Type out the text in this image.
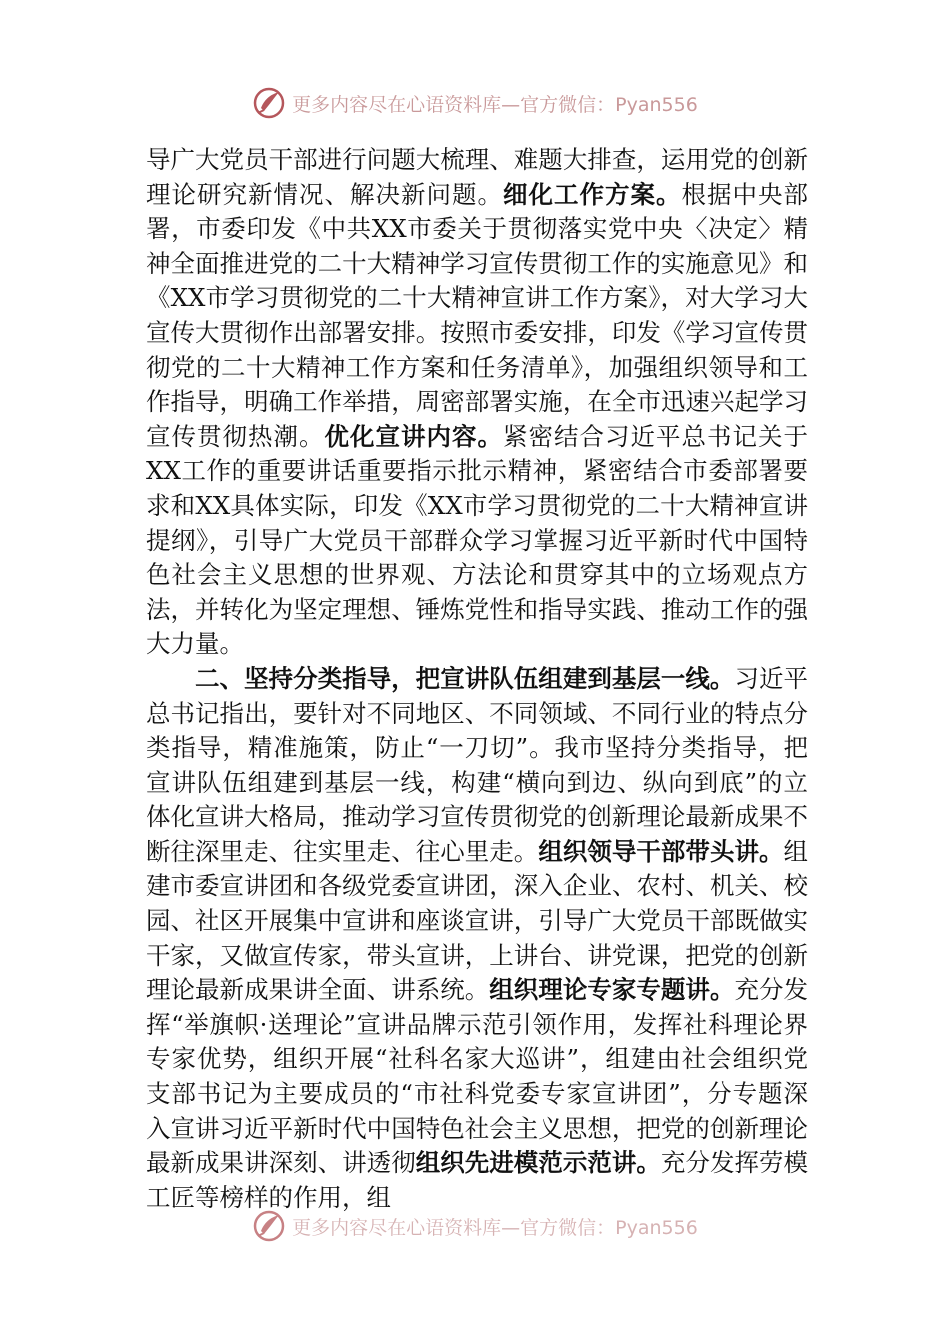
更多内容尽在心语资料库—官方微信：Pyan556

导广大党员干部进行问题大梳理、难题大排查，运用党的创新理论研究新情况、解决新问题。细化工作方案。根据中央部署，市委印发《中共XX市委关于贯彻落实党中央〈决定〉精神全面推进党的二十大精神学习宣传贯彻工作的实施意见》和《XX市学习贯彻党的二十大精神宣讲工作方案》，对大学习大宣传大贯彻作出部署安排。按照市委安排，印发《学习宣传贯彻党的二十大精神工作方案和任务清单》，加强组织领导和工作指导，明确工作举措，周密部署实施，在全市迅速兴起学习宣传贯彻热潮。优化宣讲内容。紧密结合习近平总书记关于XX工作的重要讲话重要指示批示精神，紧密结合市委部署要求和XX具体实际，印发《XX市学习贯彻党的二十大精神宣讲提纲》，引导广大党员干部群众学习掌握习近平新时代中国特色社会主义思想的世界观、方法论和贯穿其中的立场观点方法，并转化为坚定理想、锤炼党性和指导实践、推动工作的强大力量。

二、坚持分类指导，把宣讲队伍组建到基层一线。习近平总书记指出，要针对不同地区、不同领域、不同行业的特点分类指导，精准施策，防止“一刀切”。我市坚持分类指导，把宣讲队伍组建到基层一线，构建“横向到边、纵向到底”的立体化宣讲大格局，推动学习宣传贯彻党的创新理论最新成果不断往深里走、往实里走、往心里走。组织领导干部带头讲。组建市委宣讲团和各级党委宣讲团，深入企业、农村、机关、校园、社区开展集中宣讲和座谈宣讲，引导广大党员干部既做实干家，又做宣传家，带头宣讲，上讲台、讲党课，把党的创新理论最新成果讲全面、讲系统。组织理论专家专题讲。充分发挥“举旗帜·送理论”宣讲品牌示范引领作用，发挥社科理论界专家优势，组织开展“社科名家大巡讲”，组建由社会组织党支部书记为主要成员的“市社科党委专家宣讲团”，分专题深入宣讲习近平新时代中国特色社会主义思想，把党的创新理论最新成果讲深刻、讲透彻组织先进模范示范讲。充分发挥劳模工匠等榜样的作用，组

更多内容尽在心语资料库—官方微信：Pyan556
